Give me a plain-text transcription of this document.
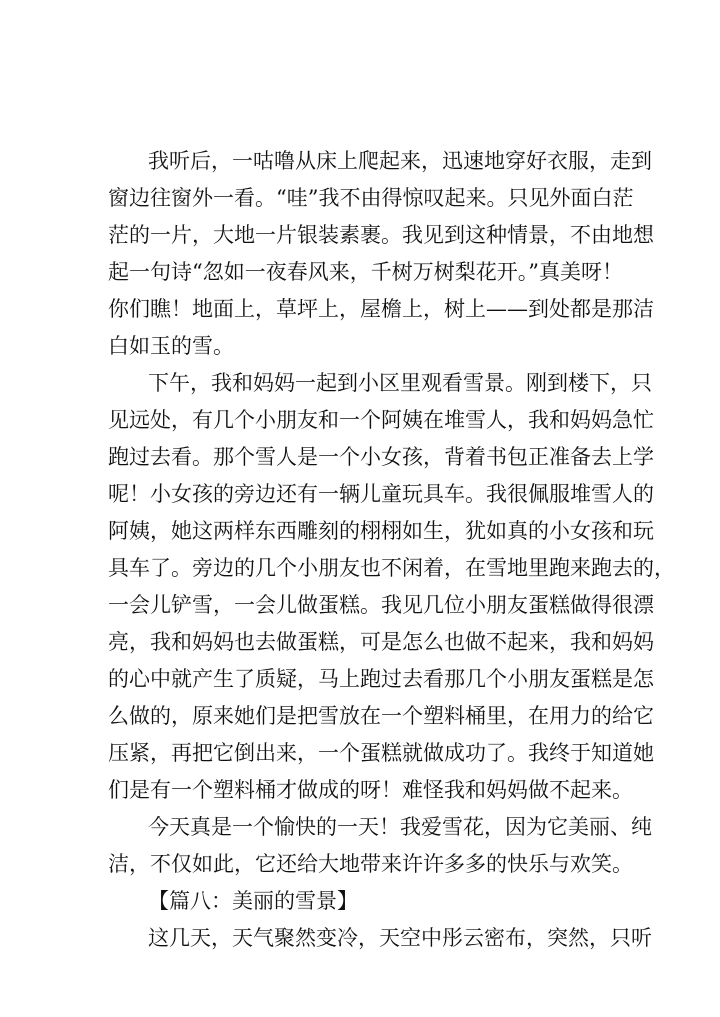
我听后，一咕噜从床上爬起来，迅速地穿好衣服，走到
窗边往窗外一看。“哇”我不由得惊叹起来。只见外面白茫
茫的一片，大地一片银装素裹。我见到这种情景，不由地想
起一句诗“忽如一夜春风来，千树万树梨花开。”真美呀！
你们瞧！地面上，草坪上，屋檐上，树上——到处都是那洁
白如玉的雪。
下午，我和妈妈一起到小区里观看雪景。刚到楼下，只
见远处，有几个小朋友和一个阿姨在堆雪人，我和妈妈急忙
跑过去看。那个雪人是一个小女孩，背着书包正准备去上学
呢！小女孩的旁边还有一辆儿童玩具车。我很佩服堆雪人的
阿姨，她这两样东西雕刻的栩栩如生，犹如真的小女孩和玩
具车了。旁边的几个小朋友也不闲着，在雪地里跑来跑去的，
一会儿铲雪，一会儿做蛋糕。我见几位小朋友蛋糕做得很漂
亮，我和妈妈也去做蛋糕，可是怎么也做不起来，我和妈妈
的心中就产生了质疑，马上跑过去看那几个小朋友蛋糕是怎
么做的，原来她们是把雪放在一个塑料桶里，在用力的给它
压紧，再把它倒出来，一个蛋糕就做成功了。我终于知道她
们是有一个塑料桶才做成的呀！难怪我和妈妈做不起来。
今天真是一个愉快的一天！我爱雪花，因为它美丽、纯
洁，不仅如此，它还给大地带来许许多多的快乐与欢笑。
【篇八：美丽的雪景】
这几天，天气聚然变冷，天空中彤云密布，突然，只听
